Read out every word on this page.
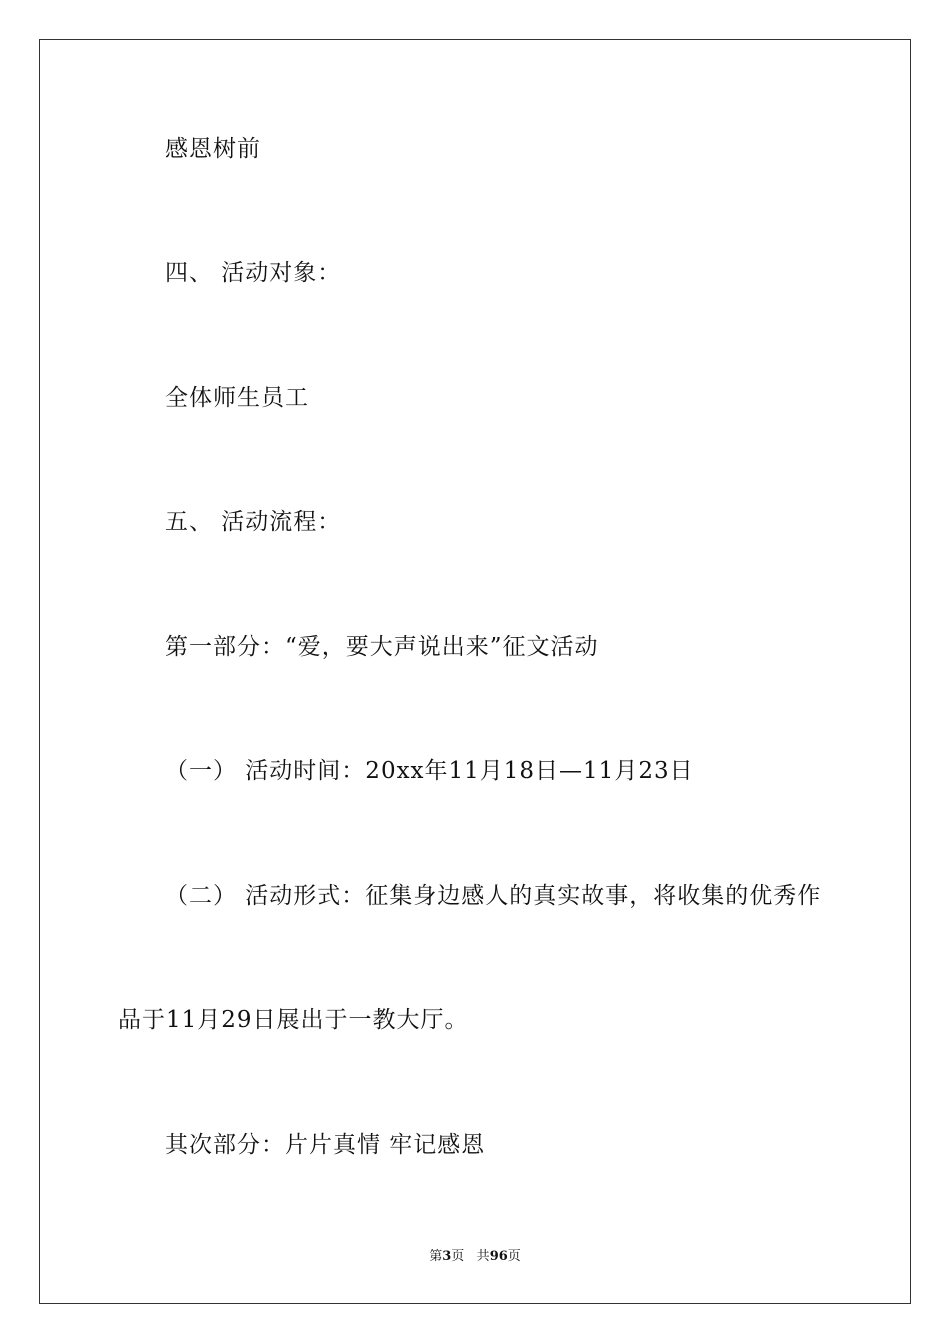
感恩树前
四、 活动对象：
全体师生员工
五、 活动流程：
第一部分：“爱，要大声说出来”征文活动
（一） 活动时间：20xx年11月18日—11月23日
（二） 活动形式：征集身边感人的真实故事，将收集的优秀作
品于11月29日展出于一教大厅。
其次部分：片片真情 牢记感恩
第3页 共96页
